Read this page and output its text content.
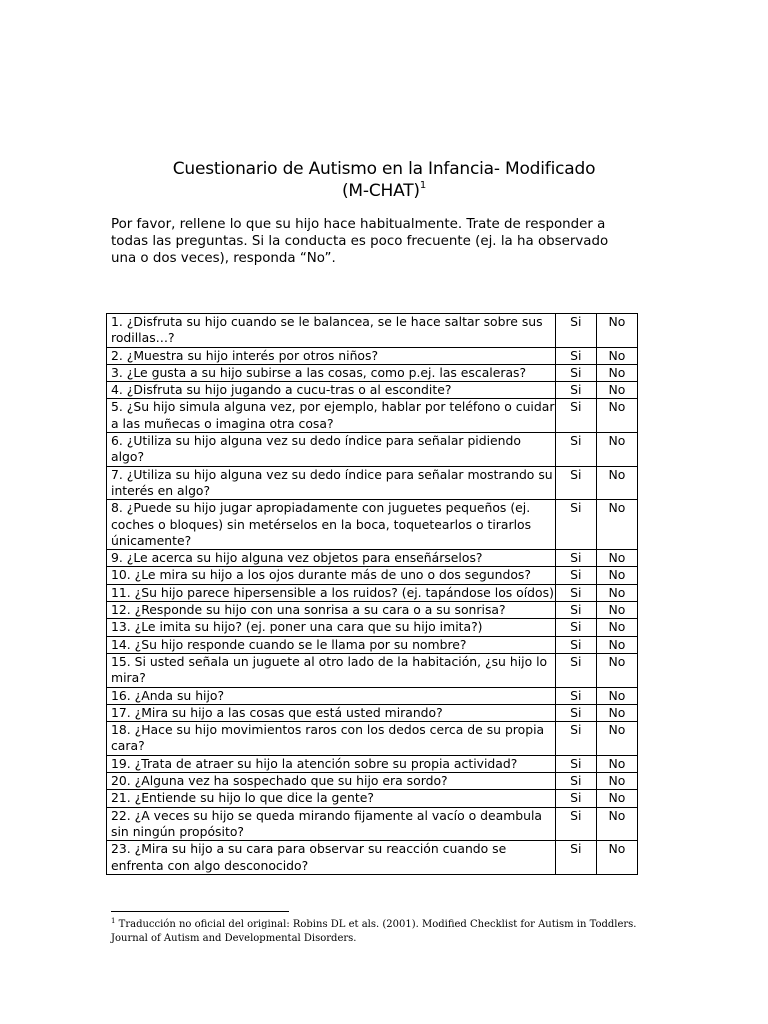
Cuestionario de Autismo en la Infancia- Modificado
(M-CHAT)$^1$
Por favor, rellene lo que su hijo hace habitualmente. Trate de responder a todas las preguntas. Si la conducta es poco frecuente (ej. la ha observado una o dos veces), responda “No”.
1. ¿Disfruta su hijo cuando se le balancea, se le hace saltar sobre sus rodillas…?	Si	No
2. ¿Muestra su hijo interés por otros niños?	Si	No
3. ¿Le gusta a su hijo subirse a las cosas, como p.ej. las escaleras?	Si	No
4. ¿Disfruta su hijo jugando a cucu-tras o al escondite?	Si	No
5. ¿Su hijo simula alguna vez, por ejemplo, hablar por teléfono o cuidar a las muñecas o imagina otra cosa?	Si	No
6. ¿Utiliza su hijo alguna vez su dedo índice para señalar pidiendo algo?	Si	No
7. ¿Utiliza su hijo alguna vez su dedo índice para señalar mostrando su interés en algo?	Si	No
8. ¿Puede su hijo jugar apropiadamente con juguetes pequeños (ej. coches o bloques) sin metérselos en la boca, toquetearlos o tirarlos únicamente?	Si	No
9. ¿Le acerca su hijo alguna vez objetos para enseñárselos?	Si	No
10. ¿Le mira su hijo a los ojos durante más de uno o dos segundos?	Si	No
11. ¿Su hijo parece hipersensible a los ruidos? (ej. tapándose los oídos)	Si	No
12. ¿Responde su hijo con una sonrisa a su cara o a su sonrisa?	Si	No
13. ¿Le imita su hijo? (ej. poner una cara que su hijo imita?)	Si	No
14. ¿Su hijo responde cuando se le llama por su nombre?	Si	No
15. Si usted señala un juguete al otro lado de la habitación, ¿su hijo lo mira?	Si	No
16. ¿Anda su hijo?	Si	No
17. ¿Mira su hijo a las cosas que está usted mirando?	Si	No
18. ¿Hace su hijo movimientos raros con los dedos cerca de su propia cara?	Si	No
19. ¿Trata de atraer su hijo la atención sobre su propia actividad?	Si	No
20. ¿Alguna vez ha sospechado que su hijo era sordo?	Si	No
21. ¿Entiende su hijo lo que dice la gente?	Si	No
22. ¿A veces su hijo se queda mirando fijamente al vacío o deambula sin ningún propósito?	Si	No
23. ¿Mira su hijo a su cara para observar su reacción cuando se enfrenta con algo desconocido?	Si	No
$^1$ Traducción no oficial del original: Robins DL et als. (2001). Modified Checklist for Autism in Toddlers. Journal of Autism and Developmental Disorders.
